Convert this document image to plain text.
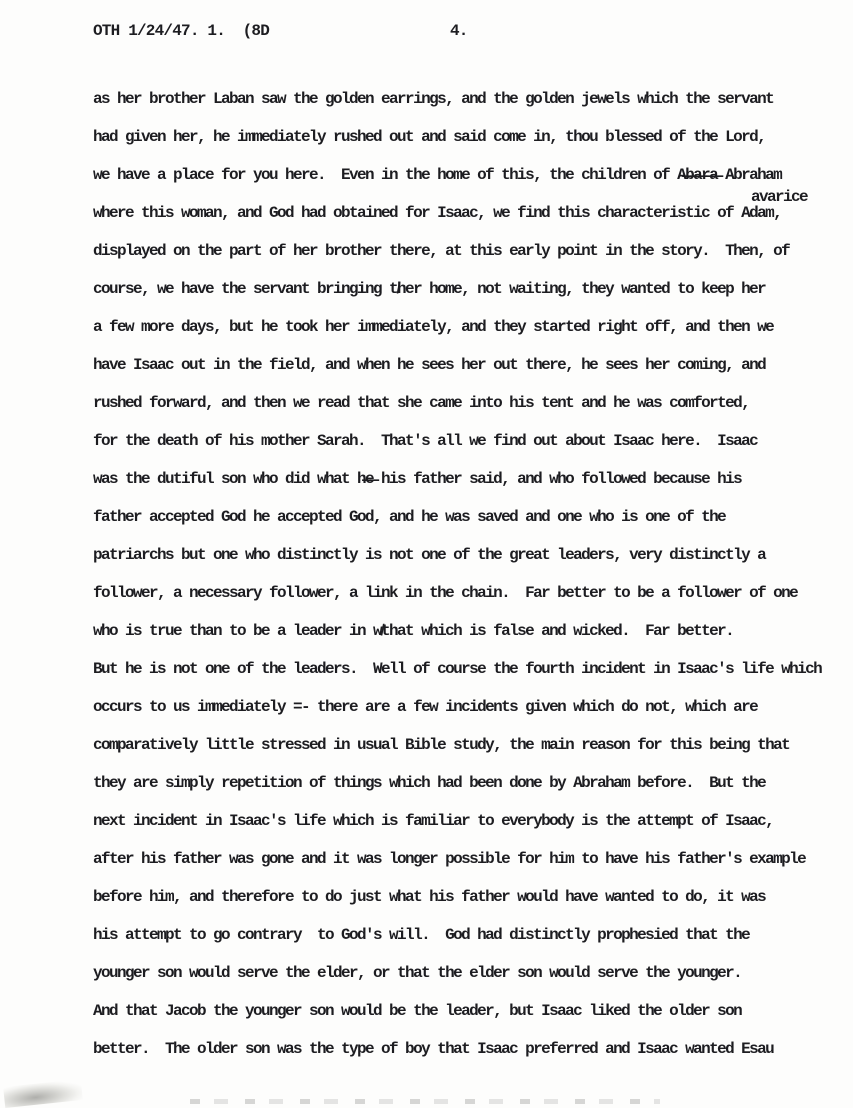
OTH 1/24/47. 1.  (8D

	4.

as her brother Laban saw the golden earrings, and the golden jewels which the servant
had given her, he immediately rushed out and said come in, thou blessed of the Lord,
we have a place for you here.  Even in the home of this, the children of A̶b̶a̶r̶a̶ Abraham
where this woman, and God had obtained for Isaac, we find this characteristic of Adam,
displayed on the part of her brother there, at this early point in the story.  Then, of
course, we have the servant bringing t̸her home, not waiting, they wanted to keep her
a few more days, but he took her immediately, and they started right off, and then we
have Isaac out in the field, and when he sees her out there, he sees her coming, and
rushed forward, and then we read that she came into his tent and he was comforted,
for the death of his mother Sarah.  That's all we find out about Isaac here.  Isaac
was the dutiful son who did what h̶e̶ his father said, and who followed because his
father accepted God he accepted God, and he was saved and one who is one of the
patriarchs but one who distinctly is not one of the great leaders, very distinctly a
follower, a necessary follower, a link in the chain.  Far better to be a follower of one
who is true than to be a leader in w̸that which is false and wicked.  Far better.
But he is not one of the leaders.  Well of course the fourth incident in Isaac's life which
occurs to us immediately =- there are a few incidents given which do not, which are
comparatively little stressed in usual Bible study, the main reason for this being that
they are simply repetition of things which had been done by Abraham before.  But the
next incident in Isaac's life which is familiar to everybody is the attempt of Isaac,
after his father was gone and it was longer possible for him to have his father's example
before him, and therefore to do just what his father would have wanted to do, it was
his attempt to go contrary  to God's will.  God had distinctly prophesied that the
younger son would serve the elder, or that the elder son would serve the younger.
And that Jacob the younger son would be the leader, but Isaac liked the older son
better.  The older son was the type of boy that Isaac preferred and Isaac wanted Esau
avarice
